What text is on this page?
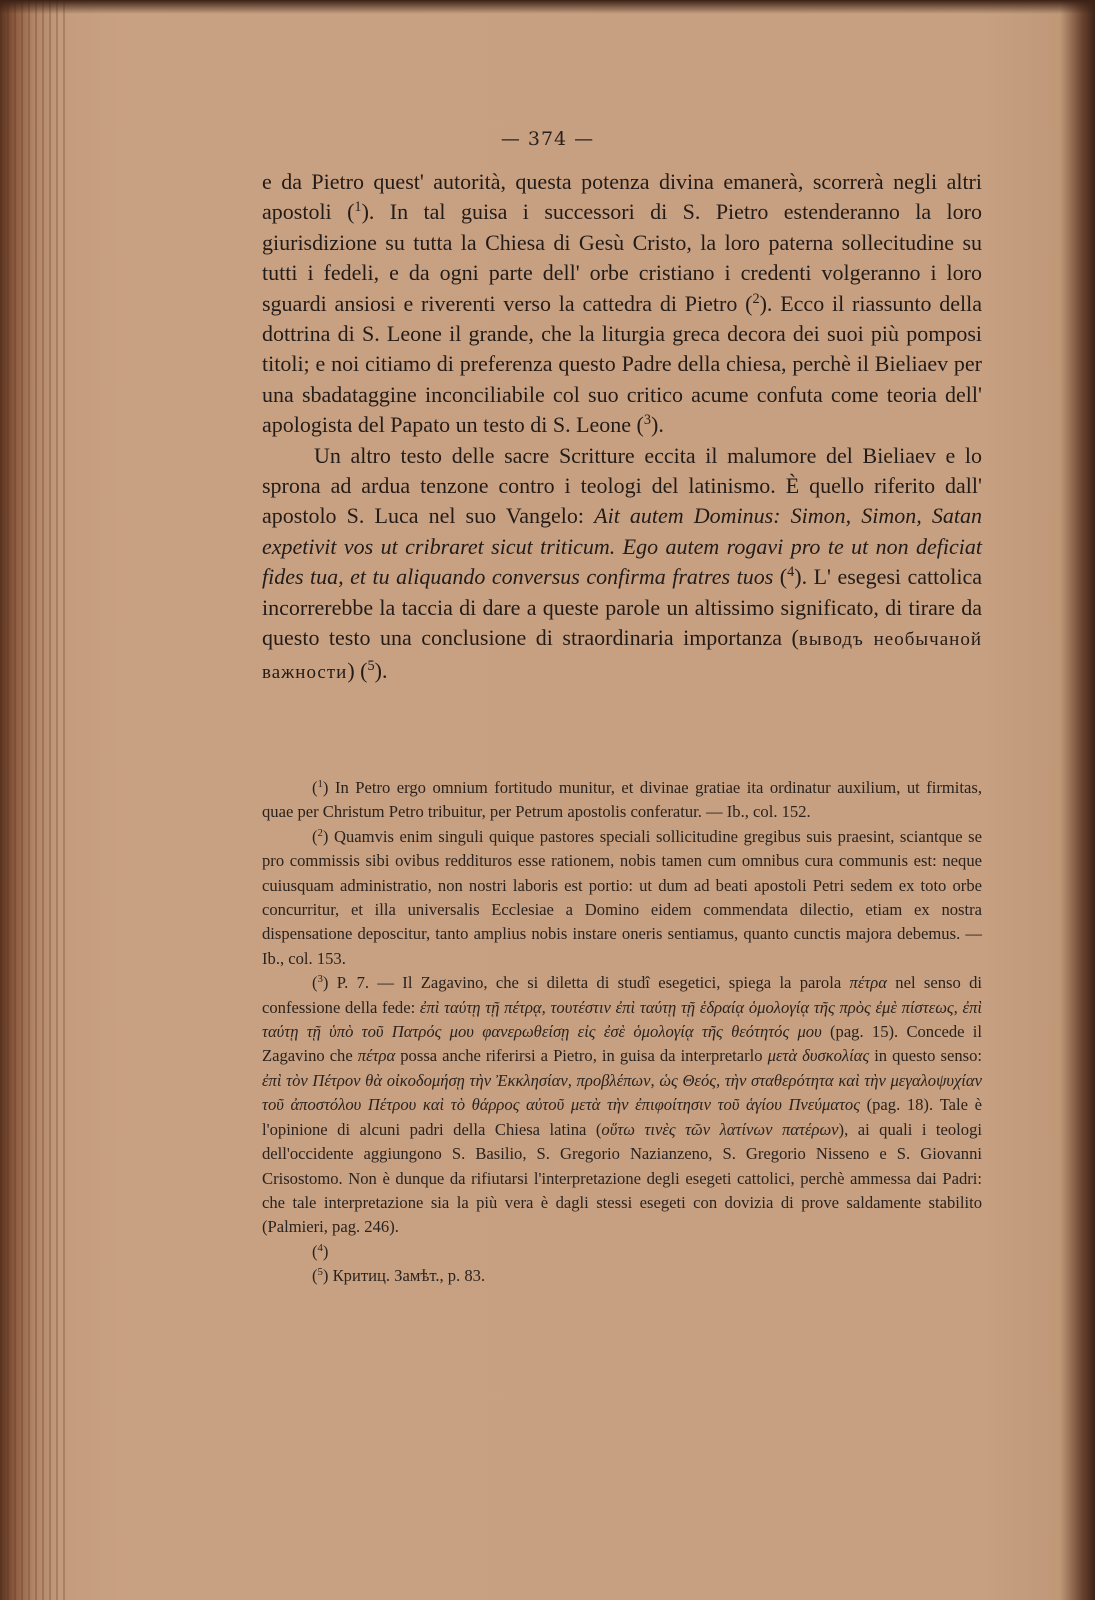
— 374 —

e da Pietro quest' autorità, questa potenza divina emanerà, scorrerà negli altri apostoli ($^1$). In tal guisa i successori di S. Pietro estenderanno la loro giurisdizione su tutta la Chiesa di Gesù Cristo, la loro paterna sollecitudine su tutti i fedeli, e da ogni parte dell' orbe cristiano i credenti volgeranno i loro sguardi ansiosi e riverenti verso la cattedra di Pietro ($^2$). Ecco il riassunto della dottrina di S. Leone il grande, che la liturgia greca decora dei suoi più pomposi titoli; e noi citiamo di preferenza questo Padre della chiesa, perchè il Bieliaev per una sbadataggine inconciliabile col suo critico acume confuta come teoria dell' apologista del Papato un testo di S. Leone ($^3$).

Un altro testo delle sacre Scritture eccita il malumore del Bieliaev e lo sprona ad ardua tenzone contro i teologi del latinismo. È quello riferito dall' apostolo S. Luca nel suo Vangelo: Ait autem Dominus: Simon, Simon, Satan expetivit vos ut cribraret sicut triticum. Ego autem rogavi pro te ut non deficiat fides tua, et tu aliquando conversus confirma fratres tuos ($^4$). L' esegesi cattolica incorrerebbe la taccia di dare a queste parole un altissimo significato, di tirare da questo testo una conclusione di straordinaria importanza (выводъ необычаной важности) ($^5$).

($^1$) In Petro ergo omnium fortitudo munitur, et divinae gratiae ita ordinatur auxilium, ut firmitas, quae per Christum Petro tribuitur, per Petrum apostolis conferatur. — Ib., col. 152.

($^2$) Quamvis enim singuli quique pastores speciali sollicitudine gregibus suis praesint, sciantque se pro commissis sibi ovibus reddituros esse rationem, nobis tamen cum omnibus cura communis est: neque cuiusquam administratio, non nostri laboris est portio: ut dum ad beati apostoli Petri sedem ex toto orbe concurritur, et illa universalis Ecclesiae a Domino eidem commendata dilectio, etiam ex nostra dispensatione deposcitur, tanto amplius nobis instare oneris sentiamus, quanto cunctis majora debemus. — Ib., col. 153.

($^3$) P. 7. — Il Zagavino, che si diletta di studî esegetici, spiega la parola πέτρα nel senso di confessione della fede: ἐπὶ ταύτῃ τῇ πέτρᾳ, τουτέστιν ἐπὶ ταύτῃ τῇ ἑδραίᾳ ὁμολογίᾳ τῆς πρὸς ἐμὲ πίστεως, ἐπὶ ταύτῃ τῇ ὑπὸ τοῦ Πατρός μου φανερωθείσῃ εἰς ἐσὲ ὁμολογίᾳ τῆς θεότητός μου (pag. 15). Concede il Zagavino che πέτρα possa anche riferirsi a Pietro, in guisa da interpretarlo μετὰ δυσκολίας in questo senso: ἐπὶ τὸν Πέτρον θὰ οἰκοδομήσῃ τὴν Ἐκκλησίαν, προβλέπων, ὡς Θεός, τὴν σταθερότητα καὶ τὴν μεγαλοψυχίαν τοῦ ἀποστόλου Πέτρου καὶ τὸ θάρρος αὐτοῦ μετὰ τὴν ἐπιφοίτησιν τοῦ ἁγίου Πνεύματος (pag. 18). Tale è l'opinione di alcuni padri della Chiesa latina (οὕτω τινὲς τῶν λατίνων πατέρων), ai quali i teologi dell'occidente aggiungono S. Basilio, S. Gregorio Nazianzeno, S. Gregorio Nisseno e S. Giovanni Crisostomo. Non è dunque da rifiutarsi l'interpretazione degli esegeti cattolici, perchè ammessa dai Padri: che tale interpretazione sia la più vera è dagli stessi esegeti con dovizia di prove saldamente stabilito (Palmieri, pag. 246).

($^4$)

($^5$) Критиц. Замѣт., р. 83.
